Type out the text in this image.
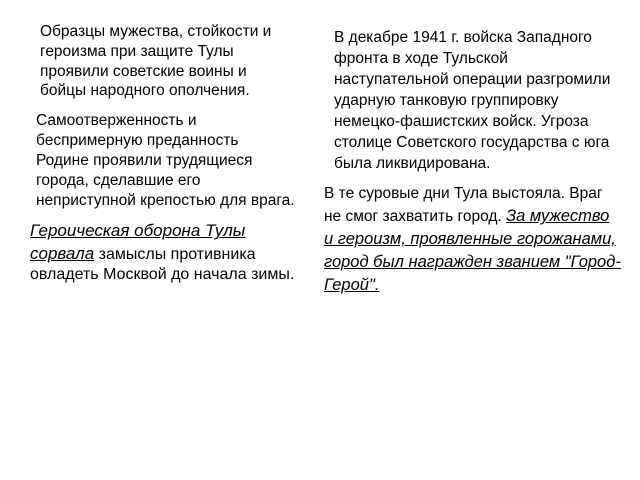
Образцы мужества, стойкости и героизма при защите Тулы проявили советские воины и бойцы народного ополчения.

Самоотверженность и беспримерную преданность Родине проявили трудящиеся города, сделавшие его неприступной крепостью для врага.

Героическая оборона Тулы сорвала замыслы противника овладеть Москвой до начала зимы.

В декабре 1941 г. войска Западного фронта в ходе Тульской наступательной операции разгромили ударную танковую группировку немецко-фашистских войск. Угроза столице Советского государства с юга была ликвидирована.

В те суровые дни Тула выстояла. Враг не смог захватить город. За мужество и героизм, проявленные горожанами, город был награжден званием "Город-Герой".
